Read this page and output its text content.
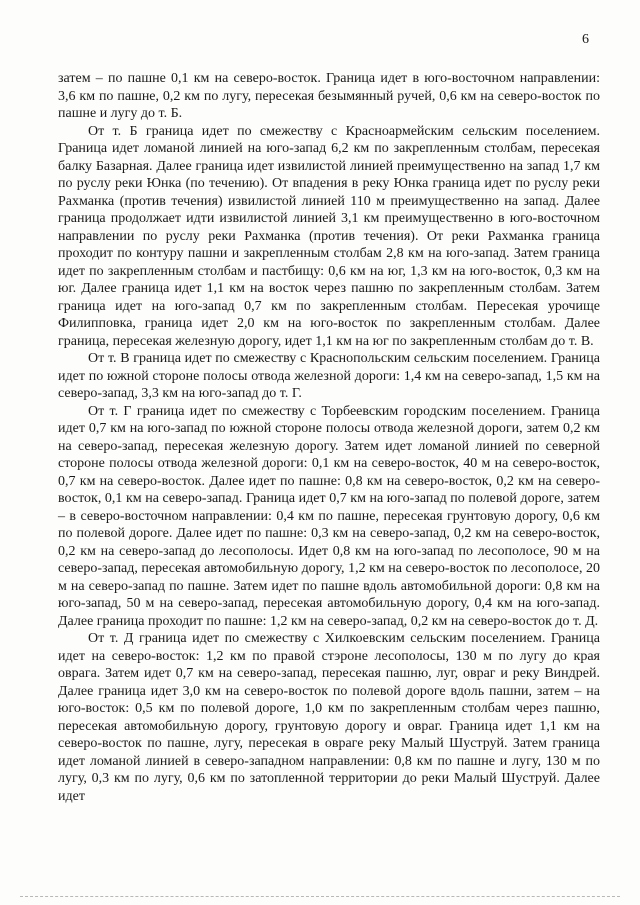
6

затем – по пашне 0,1 км на северо-восток. Граница идет в юго-восточном направлении: 3,6 км по пашне, 0,2 км по лугу, пересекая безымянный ручей, 0,6 км на северо-восток по пашне и лугу до т. Б.

От т. Б граница идет по смежеству с Красноармейским сельским поселением. Граница идет ломаной линией на юго-запад 6,2 км по закрепленным столбам, пересекая балку Базарная. Далее граница идет извилистой линией преимущественно на запад 1,7 км по руслу реки Юнка (по течению). От впадения в реку Юнка граница идет по руслу реки Рахманка (против течения) извилистой линией 110 м преимущественно на запад. Далее граница продолжает идти извилистой линией 3,1 км преимущественно в юго-восточном направлении по руслу реки Рахманка (против течения). От реки Рахманка граница проходит по контуру пашни и закрепленным столбам 2,8 км на юго-запад. Затем граница идет по закрепленным столбам и пастбищу: 0,6 км на юг, 1,3 км на юго-восток, 0,3 км на юг. Далее граница идет 1,1 км на восток через пашню по закрепленным столбам. Затем граница идет на юго-запад 0,7 км по закрепленным столбам. Пересекая урочище Филипповка, граница идет 2,0 км на юго-восток по закрепленным столбам. Далее граница, пересекая железную дорогу, идет 1,1 км на юг по закрепленным столбам до т. В.

От т. В граница идет по смежеству с Краснопольским сельским поселением. Граница идет по южной стороне полосы отвода железной дороги: 1,4 км на северо-запад, 1,5 км на северо-запад, 3,3 км на юго-запад до т. Г.

От т. Г граница идет по смежеству с Торбеевским городским поселением. Граница идет 0,7 км на юго-запад по южной стороне полосы отвода железной дороги, затем 0,2 км на северо-запад, пересекая железную дорогу. Затем идет ломаной линией по северной стороне полосы отвода железной дороги: 0,1 км на северо-восток, 40 м на северо-восток, 0,7 км на северо-восток. Далее идет по пашне: 0,8 км на северо-восток, 0,2 км на северо-восток, 0,1 км на северо-запад. Граница идет 0,7 км на юго-запад по полевой дороге, затем – в северо-восточном направлении: 0,4 км по пашне, пересекая грунтовую дорогу, 0,6 км по полевой дороге. Далее идет по пашне: 0,3 км на северо-запад, 0,2 км на северо-восток, 0,2 км на северо-запад до лесополосы. Идет 0,8 км на юго-запад по лесополосе, 90 м на северо-запад, пересекая автомобильную дорогу, 1,2 км на северо-восток по лесополосе, 20 м на северо-запад по пашне. Затем идет по пашне вдоль автомобильной дороги: 0,8 км на юго-запад, 50 м на северо-запад, пересекая автомобильную дорогу, 0,4 км на юго-запад. Далее граница проходит по пашне: 1,2 км на северо-запад, 0,2 км на северо-восток до т. Д.

От т. Д граница идет по смежеству с Хилкоевским сельским поселением. Граница идет на северо-восток: 1,2 км по правой стэроне лесополосы, 130 м по лугу до края оврага. Затем идет 0,7 км на северо-запад, пересекая пашню, луг, овраг и реку Виндрей. Далее граница идет 3,0 км на северо-восток по полевой дороге вдоль пашни, затем – на юго-восток: 0,5 км по полевой дороге, 1,0 км по закрепленным столбам через пашню, пересекая автомобильную дорогу, грунтовую дорогу и овраг. Граница идет 1,1 км на северо-восток по пашне, лугу, пересекая в овраге реку Малый Шуструй. Затем граница идет ломаной линией в северо-западном направлении: 0,8 км по пашне и лугу, 130 м по лугу, 0,3 км по лугу, 0,6 км по затопленной территории до реки Малый Шуструй. Далее идет
